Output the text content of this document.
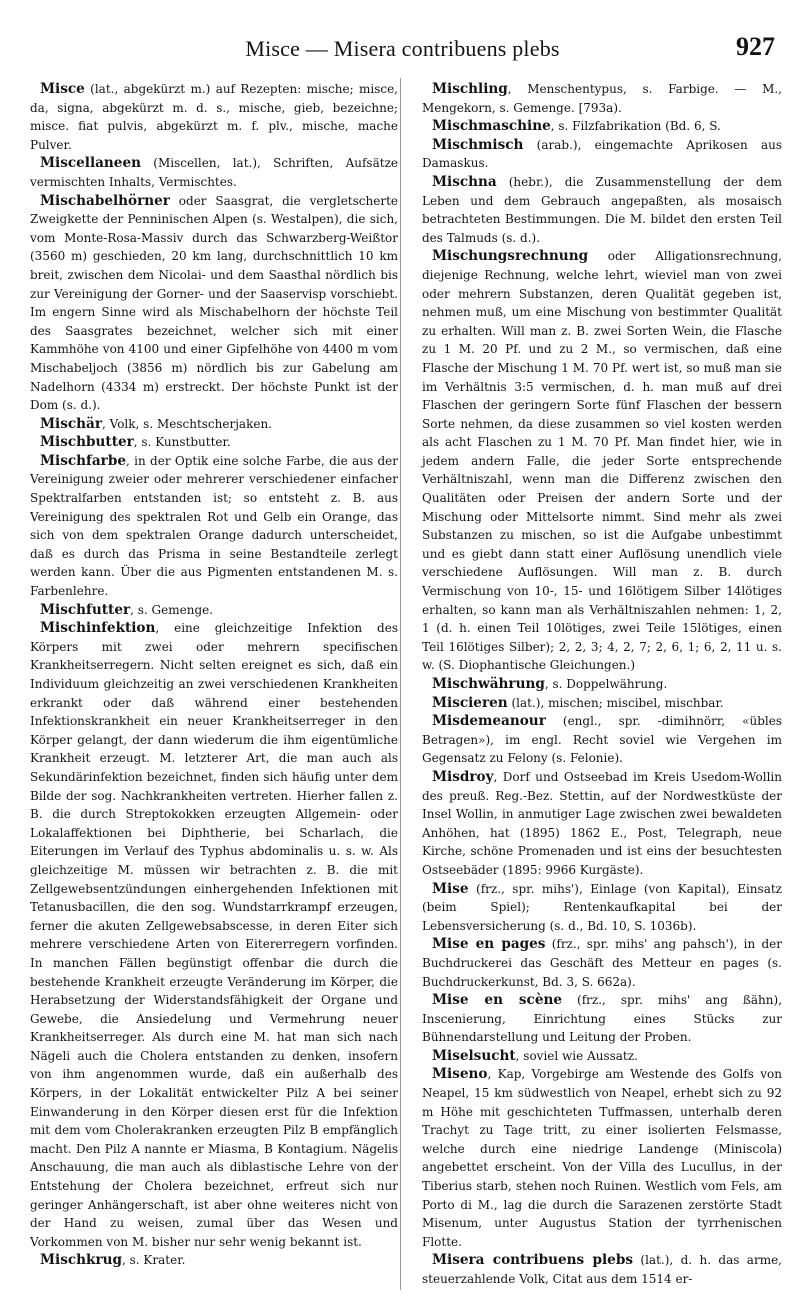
Misce — Misera contribuens plebs	927

Misce (lat., abgekürzt m.) auf Rezepten: mische; misce, da, signa, abgekürzt m. d. s., mische, gieb, bezeichne; misce. fiat pulvis, abgekürzt m. f. plv., mische, mache Pulver.

Miscellaneen (Miscellen, lat.), Schriften, Aufsätze vermischten Inhalts, Vermischtes.

Mischabelhörner oder Saasgrat, die vergletscherte Zweigkette der Penninischen Alpen (s. Westalpen), die sich, vom Monte-Rosa-Massiv durch das Schwarzberg-Weißtor (3560 m) geschieden, 20 km lang, durchschnittlich 10 km breit, zwischen dem Nicolai- und dem Saasthal nördlich bis zur Vereinigung der Gorner- und der Saaservisp vorschiebt. Im engern Sinne wird als Mischabelhorn der höchste Teil des Saasgrates bezeichnet, welcher sich mit einer Kammhöhe von 4100 und einer Gipfelhöhe von 4400 m vom Mischabeljoch (3856 m) nördlich bis zur Gabelung am Nadelhorn (4334 m) erstreckt. Der höchste Punkt ist der Dom (s. d.).

Mischär, Volk, s. Meschtscherjaken.

Mischbutter, s. Kunstbutter.

Mischfarbe, in der Optik eine solche Farbe, die aus der Vereinigung zweier oder mehrerer verschiedener einfacher Spektralfarben entstanden ist; so entsteht z. B. aus Vereinigung des spektralen Rot und Gelb ein Orange, das sich von dem spektralen Orange dadurch unterscheidet, daß es durch das Prisma in seine Bestandteile zerlegt werden kann. Über die aus Pigmenten entstandenen M. s. Farbenlehre.

Mischfutter, s. Gemenge.

Mischinfektion, eine gleichzeitige Infektion des Körpers mit zwei oder mehrern specifischen Krankheitserregern. Nicht selten ereignet es sich, daß ein Individuum gleichzeitig an zwei verschiedenen Krankheiten erkrankt oder daß während einer bestehenden Infektionskrankheit ein neuer Krankheitserreger in den Körper gelangt, der dann wiederum die ihm eigentümliche Krankheit erzeugt. M. letzterer Art, die man auch als Sekundärinfektion bezeichnet, finden sich häufig unter dem Bilde der sog. Nachkrankheiten vertreten. Hierher fallen z. B. die durch Streptokokken erzeugten Allgemein- oder Lokalaffektionen bei Diphtherie, bei Scharlach, die Eiterungen im Verlauf des Typhus abdominalis u. s. w. Als gleichzeitige M. müssen wir betrachten z. B. die mit Zellgewebsentzündungen einhergehenden Infektionen mit Tetanusbacillen, die den sog. Wundstarrkrampf erzeugen, ferner die akuten Zellgewebsabscesse, in deren Eiter sich mehrere verschiedene Arten von Eitererregern vorfinden. In manchen Fällen begünstigt offenbar die durch die bestehende Krankheit erzeugte Veränderung im Körper, die Herabsetzung der Widerstandsfähigkeit der Organe und Gewebe, die Ansiedelung und Vermehrung neuer Krankheitserreger. Als durch eine M. hat man sich nach Nägeli auch die Cholera entstanden zu denken, insofern von ihm angenommen wurde, daß ein außerhalb des Körpers, in der Lokalität entwickelter Pilz A bei seiner Einwanderung in den Körper diesen erst für die Infektion mit dem vom Cholerakranken erzeugten Pilz B empfänglich macht. Den Pilz A nannte er Miasma, B Kontagium. Nägelis Anschauung, die man auch als diblastische Lehre von der Entstehung der Cholera bezeichnet, erfreut sich nur geringer Anhängerschaft, ist aber ohne weiteres nicht von der Hand zu weisen, zumal über das Wesen und Vorkommen von M. bisher nur sehr wenig bekannt ist.

Mischkrug, s. Krater.

Mischling, Menschentypus, s. Farbige. — M., Mengekorn, s. Gemenge. [793a).

Mischmaschine, s. Filzfabrikation (Bd. 6, S.

Mischmisch (arab.), eingemachte Aprikosen aus Damaskus.

Mischna (hebr.), die Zusammenstellung der dem Leben und dem Gebrauch angepaßten, als mosaisch betrachteten Bestimmungen. Die M. bildet den ersten Teil des Talmuds (s. d.).

Mischungsrechnung oder Alligationsrechnung, diejenige Rechnung, welche lehrt, wieviel man von zwei oder mehrern Substanzen, deren Qualität gegeben ist, nehmen muß, um eine Mischung von bestimmter Qualität zu erhalten. Will man z. B. zwei Sorten Wein, die Flasche zu 1 M. 20 Pf. und zu 2 M., so vermischen, daß eine Flasche der Mischung 1 M. 70 Pf. wert ist, so muß man sie im Verhältnis 3:5 vermischen, d. h. man muß auf drei Flaschen der geringern Sorte fünf Flaschen der bessern Sorte nehmen, da diese zusammen so viel kosten werden als acht Flaschen zu 1 M. 70 Pf. Man findet hier, wie in jedem andern Falle, die jeder Sorte entsprechende Verhältniszahl, wenn man die Differenz zwischen den Qualitäten oder Preisen der andern Sorte und der Mischung oder Mittelsorte nimmt. Sind mehr als zwei Substanzen zu mischen, so ist die Aufgabe unbestimmt und es giebt dann statt einer Auflösung unendlich viele verschiedene Auflösungen. Will man z. B. durch Vermischung von 10-, 15- und 16lötigem Silber 14lötiges erhalten, so kann man als Verhältniszahlen nehmen: 1, 2, 1 (d. h. einen Teil 10lötiges, zwei Teile 15lötiges, einen Teil 16lötiges Silber); 2, 2, 3; 4, 2, 7; 2, 6, 1; 6, 2, 11 u. s. w. (S. Diophantische Gleichungen.)

Mischwährung, s. Doppelwährung.

Miscieren (lat.), mischen; miscibel, mischbar.

Misdemeanour (engl., spr. -dimihnörr, «übles Betragen»), im engl. Recht soviel wie Vergehen im Gegensatz zu Felony (s. Felonie).

Misdroy, Dorf und Ostseebad im Kreis Usedom-Wollin des preuß. Reg.-Bez. Stettin, auf der Nordwestküste der Insel Wollin, in anmutiger Lage zwischen zwei bewaldeten Anhöhen, hat (1895) 1862 E., Post, Telegraph, neue Kirche, schöne Promenaden und ist eins der besuchtesten Ostseebäder (1895: 9966 Kurgäste).

Mise (frz., spr. mihs'), Einlage (von Kapital), Einsatz (beim Spiel); Rentenkaufkapital bei der Lebensversicherung (s. d., Bd. 10, S. 1036b).

Mise en pages (frz., spr. mihs' ang pahsch'), in der Buchdruckerei das Geschäft des Metteur en pages (s. Buchdruckerkunst, Bd. 3, S. 662a).

Mise en scène (frz., spr. mihs' ang ßähn), Inscenierung, Einrichtung eines Stücks zur Bühnendarstellung und Leitung der Proben.

Miselsucht, soviel wie Aussatz.

Miseno, Kap, Vorgebirge am Westende des Golfs von Neapel, 15 km südwestlich von Neapel, erhebt sich zu 92 m Höhe mit geschichteten Tuffmassen, unterhalb deren Trachyt zu Tage tritt, zu einer isolierten Felsmasse, welche durch eine niedrige Landenge (Miniscola) angebettet erscheint. Von der Villa des Lucullus, in der Tiberius starb, stehen noch Ruinen. Westlich vom Fels, am Porto di M., lag die durch die Sarazenen zerstörte Stadt Misenum, unter Augustus Station der tyrrhenischen Flotte.

Misera contribuens plebs (lat.), d. h. das arme, steuerzahlende Volk, Citat aus dem 1514 er-
